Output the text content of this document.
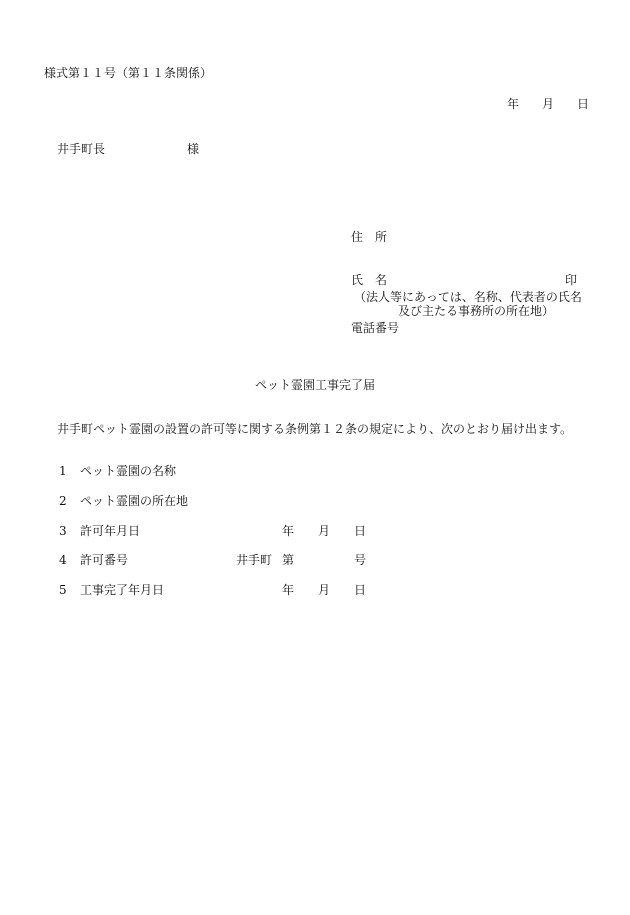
様式第１１号（第１１条関係）
年 月 日
井手町長	様
住　所
氏　名	印
（法人等にあっては、名称、代表者の氏名
及び主たる事務所の所在地）
電話番号
ペット霊園工事完了届
井手町ペット霊園の設置の許可等に関する条例第１２条の規定により、次のとおり届け出ます。
1 ペット霊園の名称
2 ペット霊園の所在地
3 許可年月日	年 月 日
4 許可番号	井手町 第	号
5 工事完了年月日	年 月 日
